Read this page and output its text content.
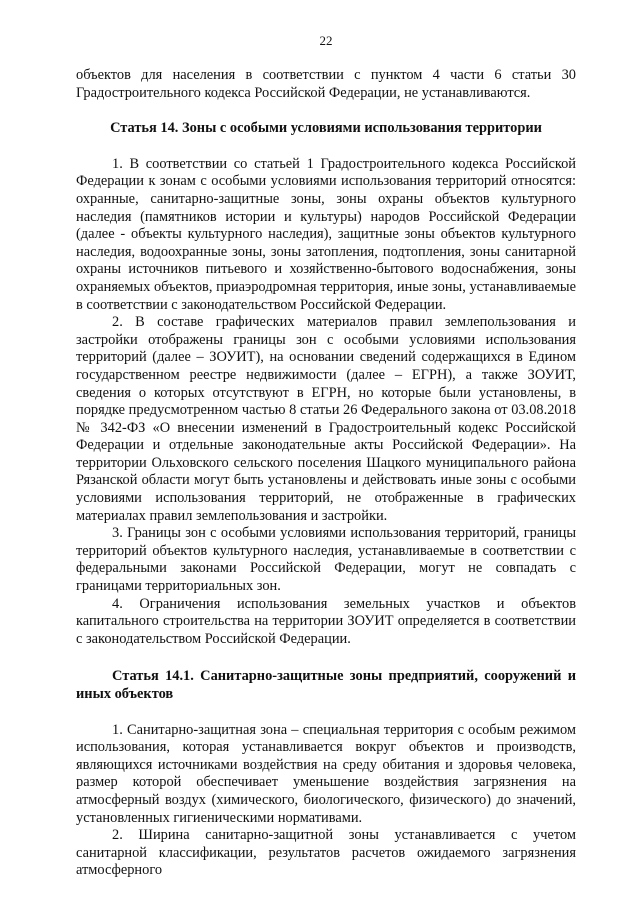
22

объектов для населения в соответствии с пунктом 4 части 6 статьи 30 Градостроительного кодекса Российской Федерации, не устанавливаются.

Статья 14. Зоны с особыми условиями использования территории

1. В соответствии со статьей 1 Градостроительного кодекса Российской Федерации к зонам с особыми условиями использования территорий относятся: охранные, санитарно-защитные зоны, зоны охраны объектов культурного наследия (памятников истории и культуры) народов Российской Федерации (далее - объекты культурного наследия), защитные зоны объектов культурного наследия, водоохранные зоны, зоны затопления, подтопления, зоны санитарной охраны источников питьевого и хозяйственно-бытового водоснабжения, зоны охраняемых объектов, приаэродромная территория, иные зоны, устанавливаемые в соответствии с законодательством Российской Федерации.

2. В составе графических материалов правил землепользования и застройки отображены границы зон с особыми условиями использования территорий (далее – ЗОУИТ), на основании сведений содержащихся в Едином государственном реестре недвижимости (далее – ЕГРН), а также ЗОУИТ, сведения о которых отсутствуют в ЕГРН, но которые были установлены, в порядке предусмотренном частью 8 статьи 26 Федерального закона от 03.08.2018 № 342-ФЗ «О внесении изменений в Градостроительный кодекс Российской Федерации и отдельные законодательные акты Российской Федерации». На территории Ольховского сельского поселения Шацкого муниципального района Рязанской области могут быть установлены и действовать иные зоны с особыми условиями использования территорий, не отображенные в графических материалах правил землепользования и застройки.

3. Границы зон с особыми условиями использования территорий, границы территорий объектов культурного наследия, устанавливаемые в соответствии с федеральными законами Российской Федерации, могут не совпадать с границами территориальных зон.

4. Ограничения использования земельных участков и объектов капитального строительства на территории ЗОУИТ определяется в соответствии с законодательством Российской Федерации.

Статья 14.1. Санитарно-защитные зоны предприятий, сооружений и иных объектов

1. Санитарно-защитная зона – специальная территория с особым режимом использования, которая устанавливается вокруг объектов и производств, являющихся источниками воздействия на среду обитания и здоровья человека, размер которой обеспечивает уменьшение воздействия загрязнения на атмосферный воздух (химического, биологического, физического) до значений, установленных гигиеническими нормативами.

2. Ширина санитарно-защитной зоны устанавливается с учетом санитарной классификации, результатов расчетов ожидаемого загрязнения атмосферного
